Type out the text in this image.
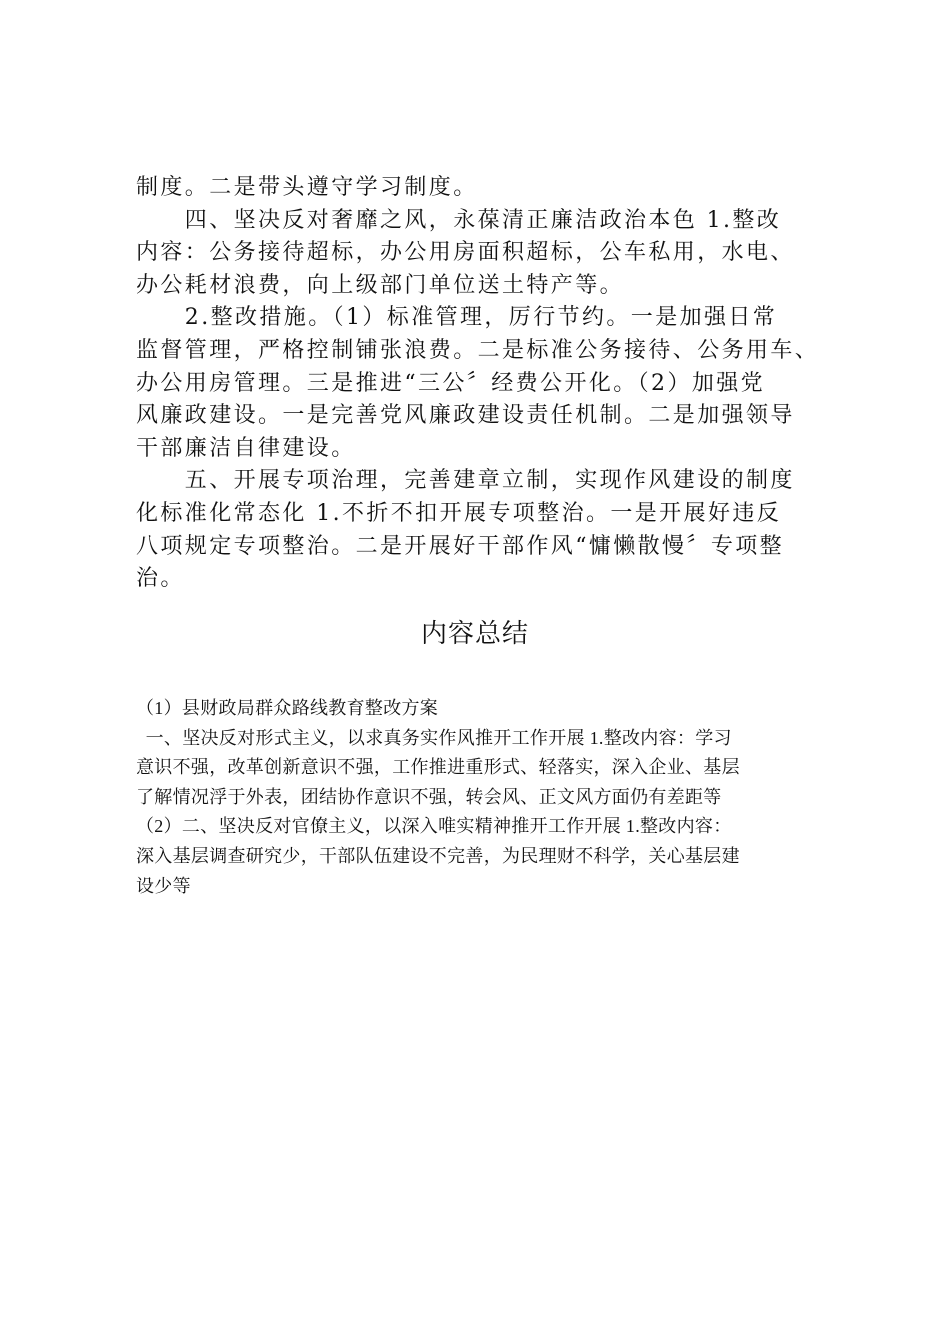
制度。二是带头遵守学习制度。

　　四、坚决反对奢靡之风，永葆清正廉洁政治本色 1.整改

内容：公务接待超标，办公用房面积超标，公车私用，水电、

办公耗材浪费，向上级部门单位送土特产等。

　　2.整改措施。（1）标准管理，厉行节约。一是加强日常

监督管理，严格控制铺张浪费。二是标准公务接待、公务用车、

办公用房管理。三是推进“三公〞经费公开化。（2）加强党

风廉政建设。一是完善党风廉政建设责任机制。二是加强领导

干部廉洁自律建设。

　　五、开展专项治理，完善建章立制，实现作风建设的制度

化标准化常态化 1.不折不扣开展专项整治。一是开展好违反

八项规定专项整治。二是开展好干部作风“慵懒散慢〞专项整

治。

内容总结

（1）县财政局群众路线教育整改方案

一、坚决反对形式主义，以求真务实作风推开工作开展 1.整改内容：学习

意识不强，改革创新意识不强，工作推进重形式、轻落实，深入企业、基层

了解情况浮于外表，团结协作意识不强，转会风、正文风方面仍有差距等

（2）二、坚决反对官僚主义，以深入唯实精神推开工作开展 1.整改内容：

深入基层调查研究少，干部队伍建设不完善，为民理财不科学，关心基层建

设少等
